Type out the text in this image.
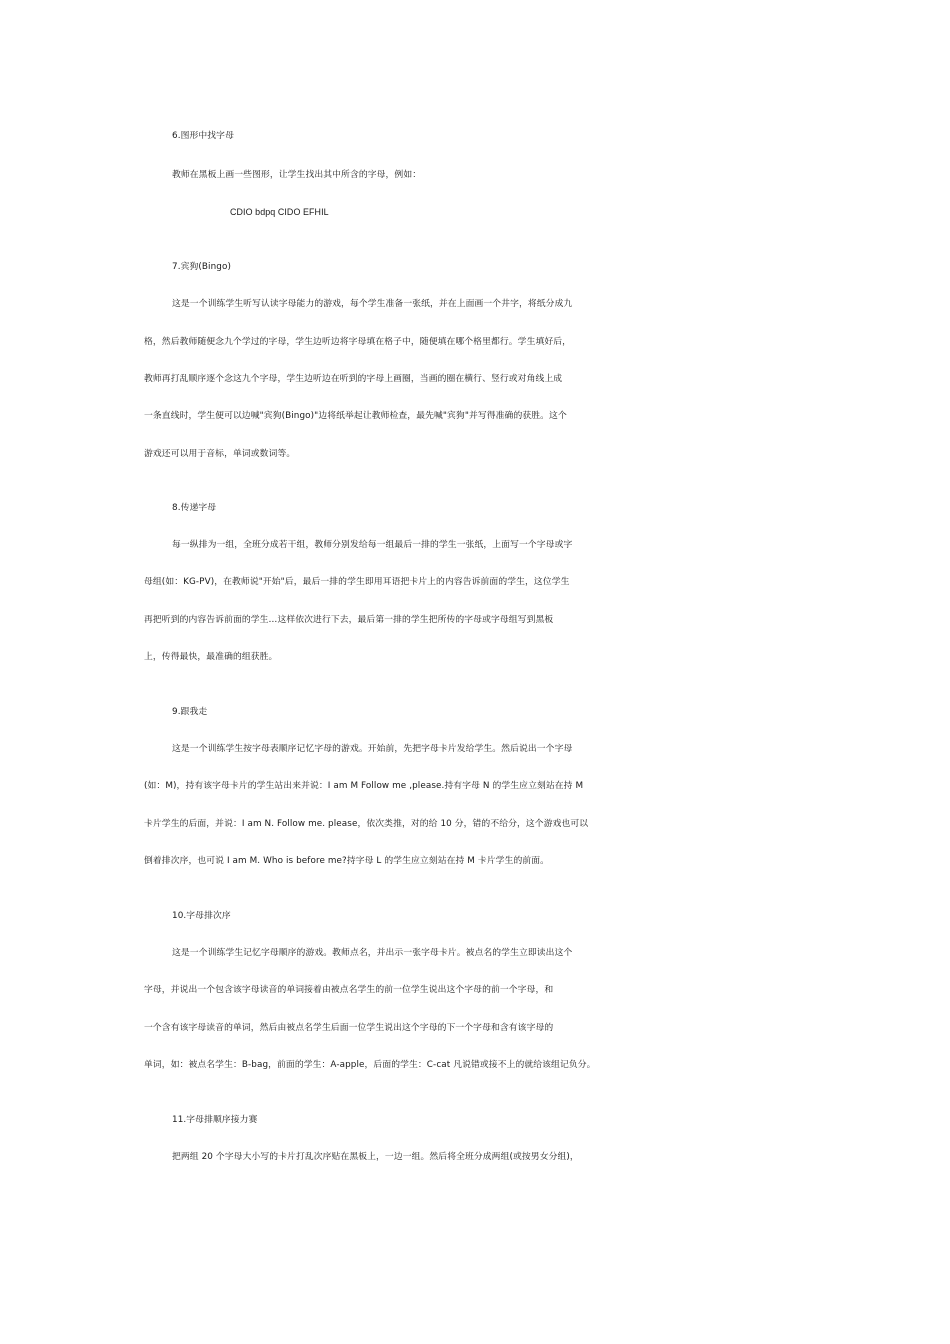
6.图形中找字母
教师在黑板上画一些图形，让学生找出其中所含的字母，例如：
CDIO bdpq CIDO EFHIL
7.宾狗(Bingo)
这是一个训练学生听写认读字母能力的游戏，每个学生准备一张纸，并在上面画一个井字，将纸分成九
格，然后教师随便念九个学过的字母，学生边听边将字母填在格子中，随便填在哪个格里都行。学生填好后，
教师再打乱顺序逐个念这九个字母，学生边听边在听到的字母上画圈，当画的圈在横行、竖行或对角线上成
一条直线时，学生便可以边喊"宾狗(Bingo)"边将纸举起让教师检查，最先喊"宾狗"并写得准确的获胜。这个
游戏还可以用于音标，单词或数词等。
8.传递字母
每一纵排为一组，全班分成若干组，教师分别发给每一组最后一排的学生一张纸，上面写一个字母或字
母组(如：KG-PV)，在教师说"开始"后，最后一排的学生即用耳语把卡片上的内容告诉前面的学生，这位学生
再把听到的内容告诉前面的学生…这样依次进行下去，最后第一排的学生把所传的字母或字母组写到黑板
上，传得最快，最准确的组获胜。
9.跟我走
这是一个训练学生按字母表顺序记忆字母的游戏。开始前，先把字母卡片发给学生。然后说出一个字母
(如：M)，持有该字母卡片的学生站出来并说：I am M Follow me ,please.持有字母 N 的学生应立刻站在持 M
卡片学生的后面，并说：I am N. Follow me. please，依次类推，对的给 10 分，错的不给分，这个游戏也可以
倒着排次序，也可说 I am M. Who is before me?持字母 L 的学生应立刻站在持 M 卡片学生的前面。
10.字母排次序
这是一个训练学生记忆字母顺序的游戏。教师点名，并出示一张字母卡片。被点名的学生立即读出这个
字母，并说出一个包含该字母读音的单词接着由被点名学生的前一位学生说出这个字母的前一个字母，和
一个含有该字母读音的单词，然后由被点名学生后面一位学生说出这个字母的下一个字母和含有该字母的
单词，如：被点名学生：B-bag，前面的学生：A-apple，后面的学生：C-cat 凡说错或接不上的就给该组记负分。
11.字母排顺序接力赛
把两组 20 个字母大小写的卡片打乱次序贴在黑板上，一边一组。然后将全班分成两组(或按男女分组)，
